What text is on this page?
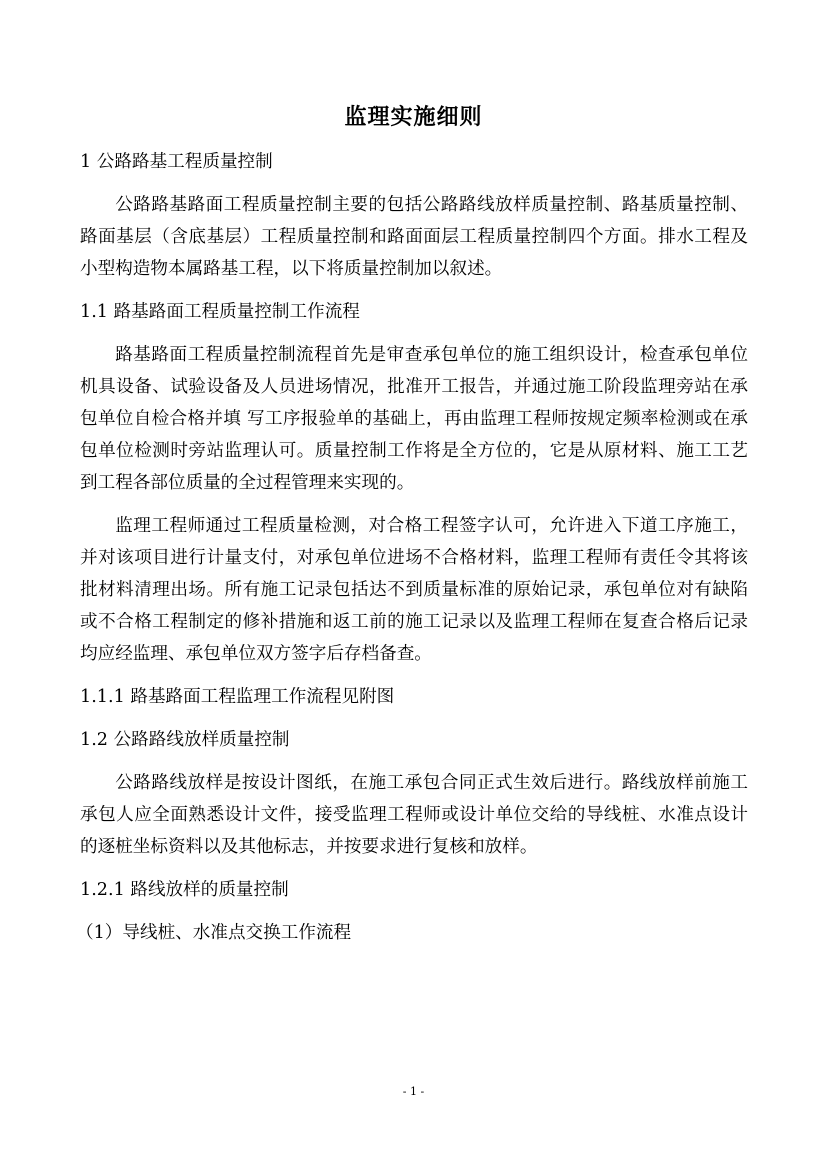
监理实施细则

1 公路路基工程质量控制

公路路基路面工程质量控制主要的包括公路路线放样质量控制、路基质量控制、路面基层（含底基层）工程质量控制和路面面层工程质量控制四个方面。排水工程及小型构造物本属路基工程，以下将质量控制加以叙述。

1.1 路基路面工程质量控制工作流程

路基路面工程质量控制流程首先是审查承包单位的施工组织设计，检查承包单位机具设备、试验设备及人员进场情况，批准开工报告，并通过施工阶段监理旁站在承包单位自检合格并填 写工序报验单的基础上，再由监理工程师按规定频率检测或在承包单位检测时旁站监理认可。质量控制工作将是全方位的，它是从原材料、施工工艺到工程各部位质量的全过程管理来实现的。

监理工程师通过工程质量检测，对合格工程签字认可，允许进入下道工序施工，并对该项目进行计量支付，对承包单位进场不合格材料，监理工程师有责任令其将该批材料清理出场。所有施工记录包括达不到质量标准的原始记录，承包单位对有缺陷或不合格工程制定的修补措施和返工前的施工记录以及监理工程师在复查合格后记录均应经监理、承包单位双方签字后存档备查。

1.1.1 路基路面工程监理工作流程见附图

1.2 公路路线放样质量控制

公路路线放样是按设计图纸，在施工承包合同正式生效后进行。路线放样前施工承包人应全面熟悉设计文件，接受监理工程师或设计单位交给的导线桩、水准点设计的逐桩坐标资料以及其他标志，并按要求进行复核和放样。

1.2.1 路线放样的质量控制

（1）导线桩、水准点交换工作流程

- 1 -
